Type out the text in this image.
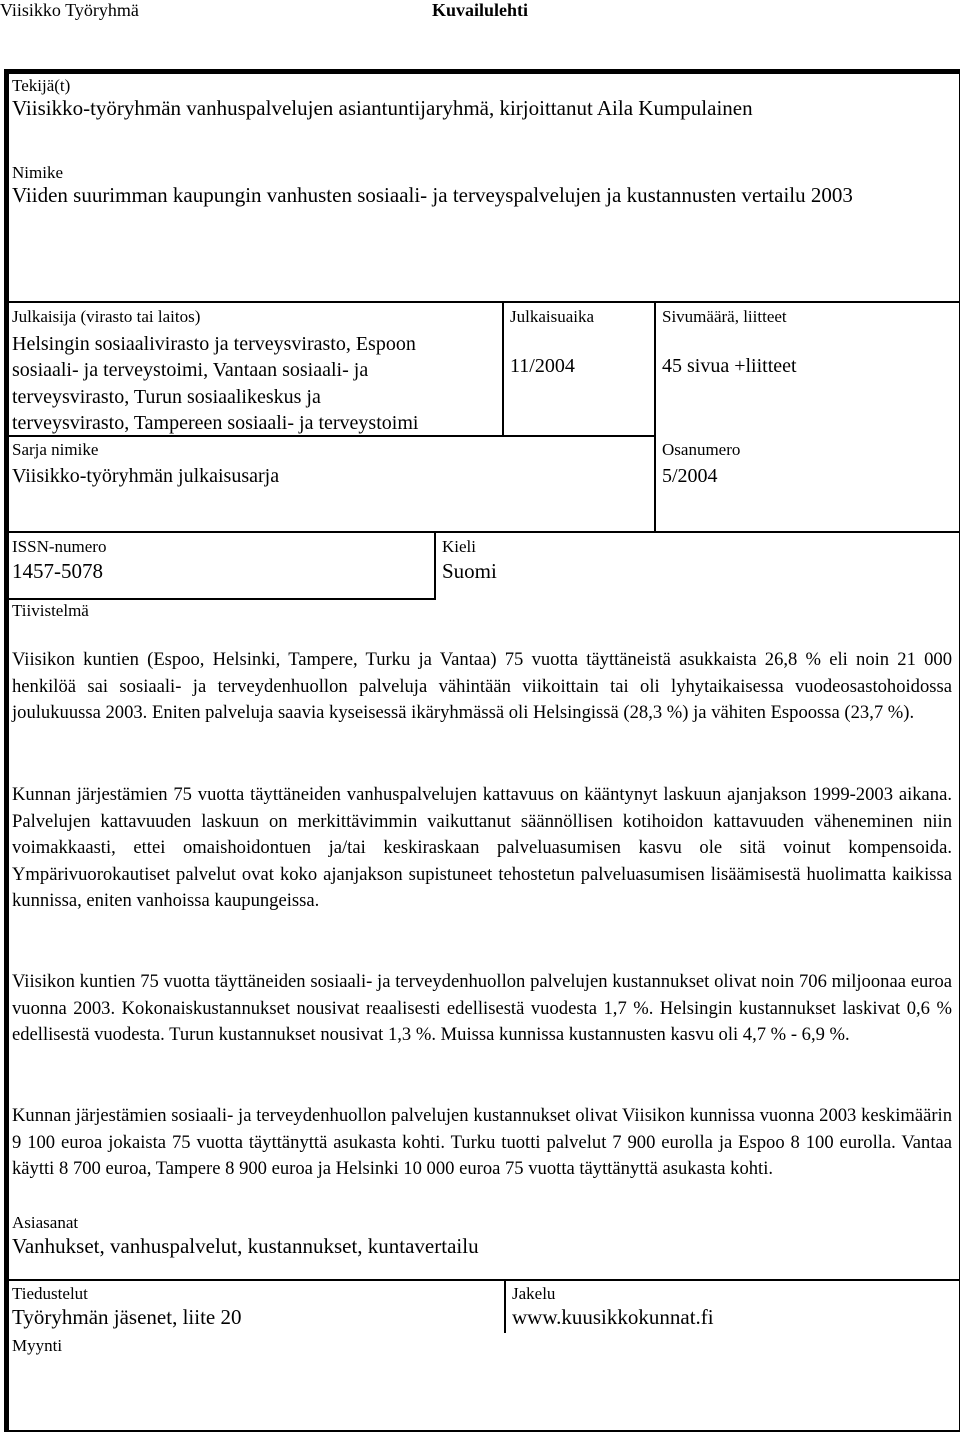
Viisikko Työryhmä	Kuvailulehti
Tekijä(t)
Viisikko-työryhmän vanhuspalvelujen asiantuntijaryhmä, kirjoittanut Aila Kumpulainen
Nimike
Viiden suurimman kaupungin vanhusten sosiaali- ja terveyspalvelujen ja kustannusten vertailu 2003
Julkaisija (virasto tai laitos)
Helsingin sosiaalivirasto ja terveysvirasto, Espoon
sosiaali- ja terveystoimi, Vantaan sosiaali- ja
terveysvirasto, Turun sosiaalikeskus ja
terveysvirasto, Tampereen sosiaali- ja terveystoimi
Julkaisuaika
11/2004
Sivumäärä, liitteet
45 sivua +liitteet
Sarja nimike
Viisikko-työryhmän julkaisusarja
Osanumero
5/2004
ISSN-numero
1457-5078
Kieli
Suomi
Tiivistelmä
Viisikon kuntien (Espoo, Helsinki, Tampere, Turku ja Vantaa) 75 vuotta täyttäneistä asukkaista 26,8 % eli noin 21 000 henkilöä sai sosiaali- ja terveydenhuollon palveluja vähintään viikoittain tai oli lyhytaikaisessa vuodeosastohoidossa joulukuussa 2003. Eniten palveluja saavia kyseisessä ikäryhmässä oli Helsingissä (28,3 %) ja vähiten Espoossa (23,7 %).
Kunnan järjestämien 75 vuotta täyttäneiden vanhuspalvelujen kattavuus on kääntynyt laskuun ajanjakson 1999-2003 aikana. Palvelujen kattavuuden laskuun on merkittävimmin vaikuttanut säännöllisen kotihoidon kattavuuden väheneminen niin voimakkaasti, ettei omaishoidontuen ja/tai keskiraskaan palveluasumisen kasvu ole sitä voinut kompensoida. Ympärivuorokautiset palvelut ovat koko ajanjakson supistuneet tehostetun palveluasumisen lisäämisestä huolimatta kaikissa kunnissa, eniten vanhoissa kaupungeissa.
Viisikon kuntien 75 vuotta täyttäneiden sosiaali- ja terveydenhuollon palvelujen kustannukset olivat noin 706 miljoonaa euroa vuonna 2003. Kokonaiskustannukset nousivat reaalisesti edellisestä vuodesta 1,7 %. Helsingin kustannukset laskivat 0,6 % edellisestä vuodesta. Turun kustannukset nousivat 1,3 %. Muissa kunnissa kustannusten kasvu oli 4,7 % - 6,9 %.
Kunnan järjestämien sosiaali- ja terveydenhuollon palvelujen kustannukset olivat Viisikon kunnissa vuonna 2003 keskimäärin 9 100 euroa jokaista 75 vuotta täyttänyttä asukasta kohti. Turku tuotti palvelut 7 900 eurolla ja Espoo 8 100 eurolla. Vantaa käytti 8 700 euroa, Tampere 8 900 euroa ja Helsinki 10 000 euroa 75 vuotta täyttänyttä asukasta kohti.
Asiasanat
Vanhukset, vanhuspalvelut, kustannukset, kuntavertailu
Tiedustelut
Työryhmän jäsenet, liite 20
Jakelu
www.kuusikkokunnat.fi
Myynti
